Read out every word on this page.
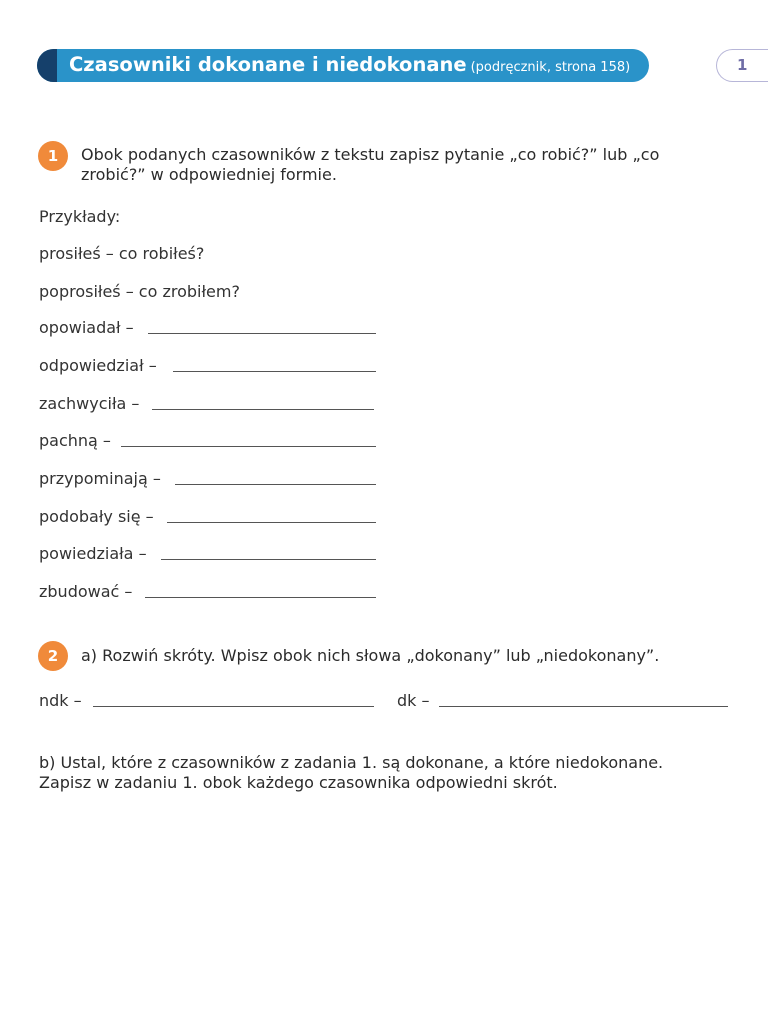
Czasowniki dokonane i niedokonane (podręcznik, strona 158)	1
1	Obok podanych czasowników z tekstu zapisz pytanie „co robić?” lub „co
zrobić?” w odpowiedniej formie.
Przykłady:
prosiłeś – co robiłeś?
poprosiłeś – co zrobiłem?
opowiadał –
odpowiedział –
zachwyciła –
pachną –
przypominają –
podobały się –
powiedziała –
zbudować –
2	a) Rozwiń skróty. Wpisz obok nich słowa „dokonany” lub „niedokonany”.
ndk –	dk –
b) Ustal, które z czasowników z zadania 1. są dokonane, a które niedokonane.
Zapisz w zadaniu 1. obok każdego czasownika odpowiedni skrót.
